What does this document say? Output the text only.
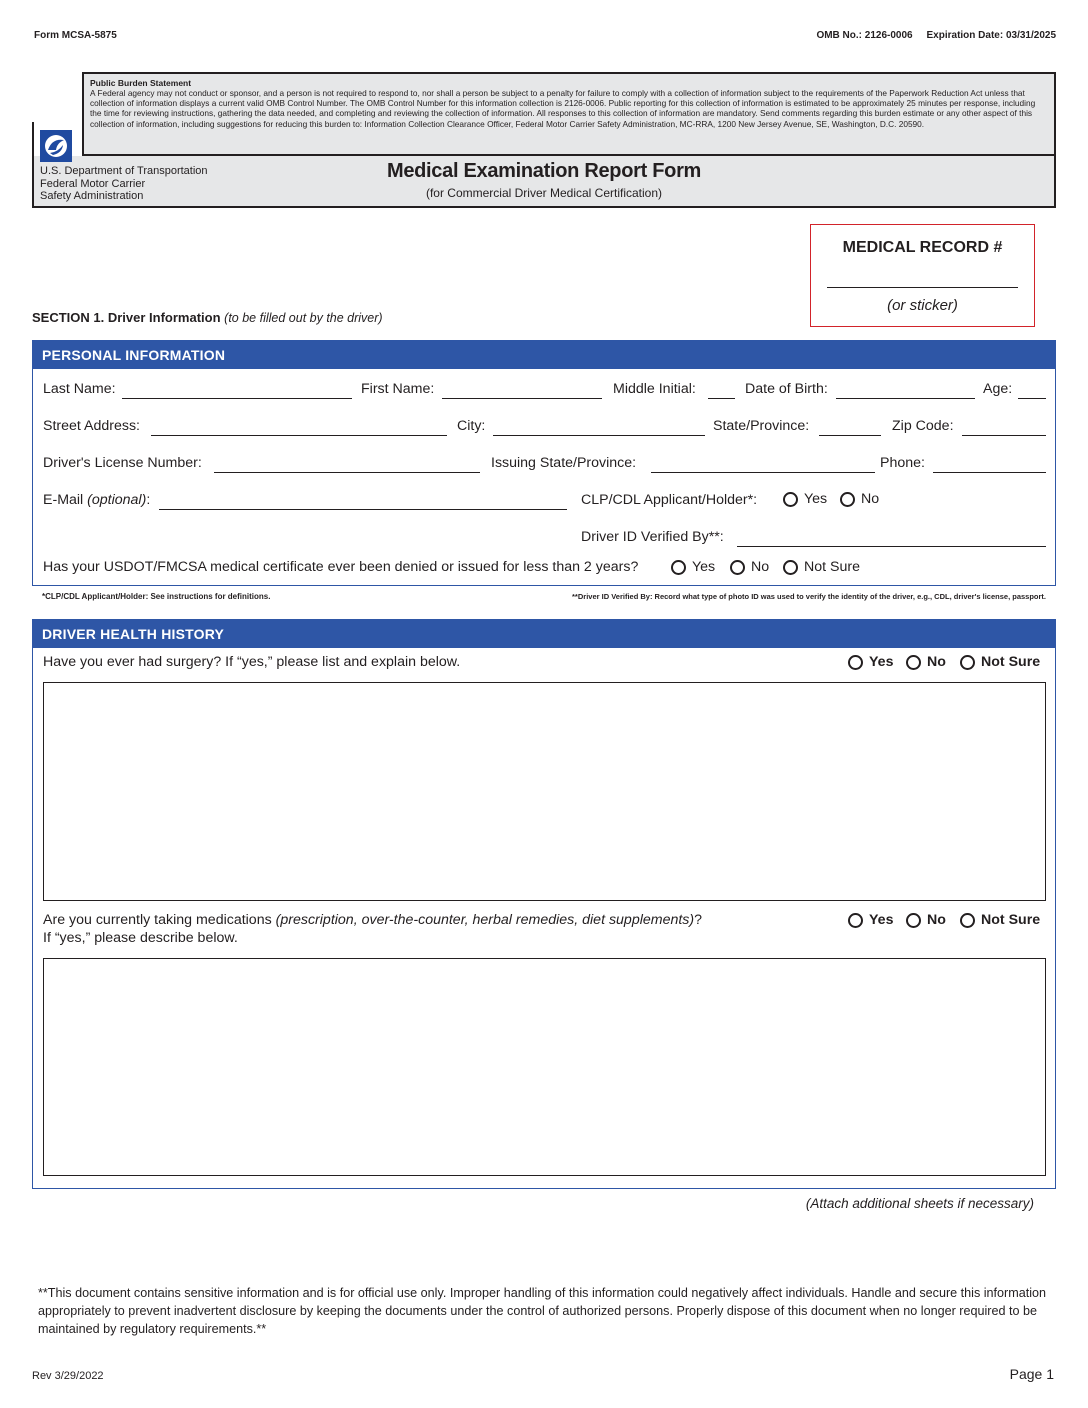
Form MCSA-5875	OMB No.: 2126-0006     Expiration Date: 03/31/2025
Public Burden Statement
A Federal agency may not conduct or sponsor, and a person is not required to respond to, nor shall a person be subject to a penalty for failure to comply with a collection of information subject to the requirements of the Paperwork Reduction Act unless that collection of information displays a current valid OMB Control Number. The OMB Control Number for this information collection is 2126-0006. Public reporting for this collection of information is estimated to be approximately 25 minutes per response, including the time for reviewing instructions, gathering the data needed, and completing and reviewing the collection of information. All responses to this collection of information are mandatory. Send comments regarding this burden estimate or any other aspect of this collection of information, including suggestions for reducing this burden to: Information Collection Clearance Officer, Federal Motor Carrier Safety Administration, MC-RRA, 1200 New Jersey Avenue, SE, Washington, D.C. 20590.
U.S. Department of Transportation
Federal Motor Carrier
Safety Administration
Medical Examination Report Form
(for Commercial Driver Medical Certification)
MEDICAL RECORD #
(or sticker)
SECTION 1. Driver Information (to be filled out by the driver)
PERSONAL INFORMATION
Last Name:	First Name:	Middle Initial:	Date of Birth:	Age:
Street Address:	City:	State/Province:	Zip Code:
Driver's License Number:	Issuing State/Province:	Phone:
E-Mail (optional):	CLP/CDL Applicant/Holder*:	Yes No
Driver ID Verified By**:
Has your USDOT/FMCSA medical certificate ever been denied or issued for less than 2 years?	Yes	No Not Sure
*CLP/CDL Applicant/Holder: See instructions for definitions.	**Driver ID Verified By: Record what type of photo ID was used to verify the identity of the driver, e.g., CDL, driver's license, passport.
DRIVER HEALTH HISTORY
Have you ever had surgery? If “yes,” please list and explain below.	Yes No Not Sure
Are you currently taking medications (prescription, over-the-counter, herbal remedies, diet supplements)?
If “yes,” please describe below.
Yes No Not Sure
(Attach additional sheets if necessary)
**This document contains sensitive information and is for official use only. Improper handling of this information could negatively affect individuals. Handle and secure this information appropriately to prevent inadvertent disclosure by keeping the documents under the control of authorized persons. Properly dispose of this document when no longer required to be maintained by regulatory requirements.**
Rev 3/29/2022	Page 1
